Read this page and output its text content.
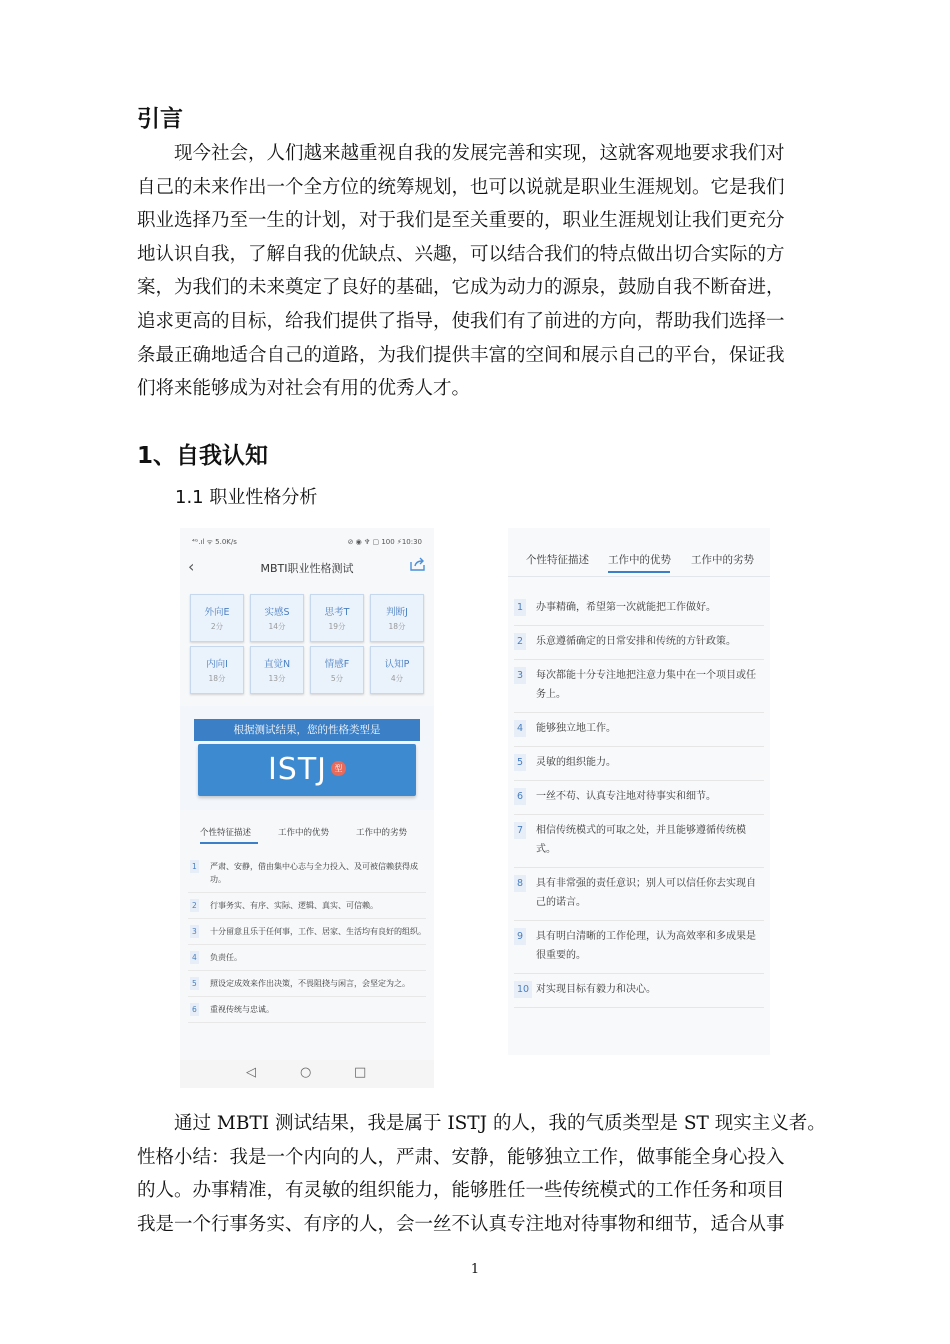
引言
现今社会，人们越来越重视自我的发展完善和实现，这就客观地要求我们对
自己的未来作出一个全方位的统筹规划，也可以说就是职业生涯规划。它是我们
职业选择乃至一生的计划，对于我们是至关重要的，职业生涯规划让我们更充分
地认识自我，了解自我的优缺点、兴趣，可以结合我们的特点做出切合实际的方
案，为我们的未来奠定了良好的基础，它成为动力的源泉，鼓励自我不断奋进，
追求更高的目标，给我们提供了指导，使我们有了前进的方向，帮助我们选择一
条最正确地适合自己的道路，为我们提供丰富的空间和展示自己的平台，保证我
们将来能够成为对社会有用的优秀人才。
1、自我认知
1.1 职业性格分析
⁴ᴳ.ıl ᯤ 5.0K/s	⊘ ◉ ♆ ▢ 100 ⚡10:30
‹	MBTI职业性格测试
外向E
2分
实感S
14分
思考T
19分
判断J
18分
内向I
18分
直觉N
13分
情感F
5分
认知P
4分
根据测试结果，您的性格类型是
ISTJ 型
个性特征描述	工作中的优势	工作中的劣势
1 严肃、安静，借由集中心志与全力投入、及可被信赖获得成功。
2 行事务实、有序、实际、逻辑、真实、可信赖。
3 十分留意且乐于任何事，工作、居家、生活均有良好的组织。
4 负责任。
5 照设定成效来作出决策，不畏阻挠与闲言，会坚定为之。
6 重视传统与忠诚。
◁	○	□
个性特征描述 工作中的优势 工作中的劣势
1	办事精确，希望第一次就能把工作做好。
2	乐意遵循确定的日常安排和传统的方针政策。
3	每次都能十分专注地把注意力集中在一个项目或任务上。
4	能够独立地工作。
5	灵敏的组织能力。
6	一丝不苟、认真专注地对待事实和细节。
7	相信传统模式的可取之处，并且能够遵循传统模式。
8	具有非常强的责任意识；别人可以信任你去实现自己的诺言。
9	具有明白清晰的工作伦理，认为高效率和多成果是很重要的。
10 对实现目标有毅力和决心。
通过 MBTI 测试结果，我是属于 ISTJ 的人，我的气质类型是 ST 现实主义者。
性格小结：我是一个内向的人，严肃、安静，能够独立工作，做事能全身心投入
的人。办事精准，有灵敏的组织能力，能够胜任一些传统模式的工作任务和项目
我是一个行事务实、有序的人，会一丝不认真专注地对待事物和细节，适合从事
1
